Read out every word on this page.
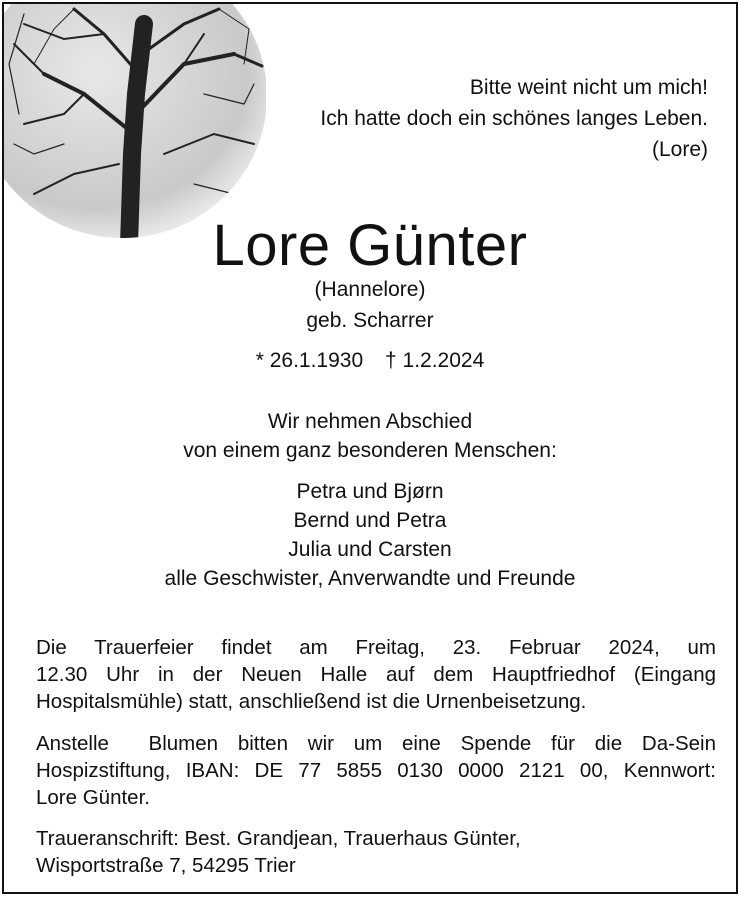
Bitte weint nicht um mich!
Ich hatte doch ein schönes langes Leben.
(Lore)
Lore Günter
(Hannelore)
geb. Scharrer
* 26.1.1930 † 1.2.2024
Wir nehmen Abschied
von einem ganz besonderen Menschen:
Petra und Bjørn
Bernd und Petra
Julia und Carsten
alle Geschwister, Anverwandte und Freunde
Die Trauerfeier findet am Freitag, 23. Februar 2024, um
12.30 Uhr in der Neuen Halle auf dem Hauptfriedhof (Eingang
Hospitalsmühle) statt, anschließend ist die Urnenbeisetzung.
Anstelle  Blumen bitten wir um eine Spende für die Da-Sein
Hospizstiftung, IBAN: DE 77 5855 0130 0000 2121 00, Kennwort:
Lore Günter.
Traueranschrift: Best. Grandjean, Trauerhaus Günter,
Wisportstraße 7, 54295 Trier
